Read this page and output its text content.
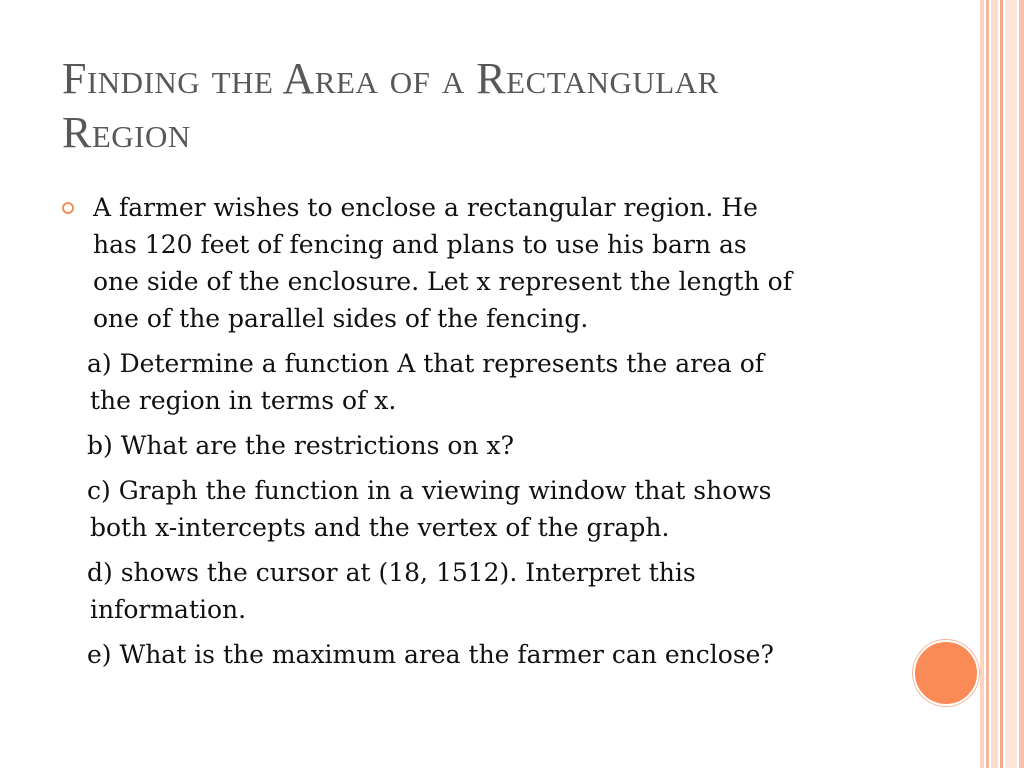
Finding the Area of a Rectangular
Region
A farmer wishes to enclose a rectangular region. He
has 120 feet of fencing and plans to use his barn as
one side of the enclosure. Let x represent the length of
one of the parallel sides of the fencing.
a) Determine a function A that represents the area of
the region in terms of x.
b) What are the restrictions on x?
c) Graph the function in a viewing window that shows
both x-intercepts and the vertex of the graph.
d) shows the cursor at (18, 1512). Interpret this
information.
e) What is the maximum area the farmer can enclose?
